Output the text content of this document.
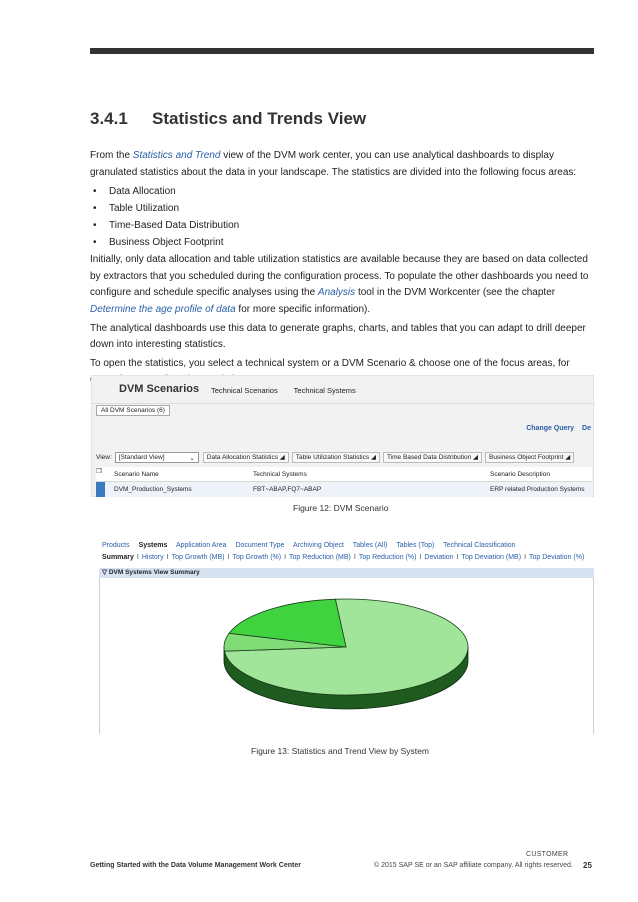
3.4.1 Statistics and Trends View

From the Statistics and Trend view of the DVM work center, you can use analytical dashboards to display granulated statistics about the data in your landscape. The statistics are divided into the following focus areas:

• Data Allocation
• Table Utilization
• Time-Based Data Distribution
• Business Object Footprint

Initially, only data allocation and table utilization statistics are available because they are based on data collected by extractors that you scheduled during the configuration process. To populate the other dashboards you need to configure and schedule specific analyses using the Analysis tool in the DVM Workcenter (see the chapter Determine the age profile of data for more specific information).

The analytical dashboards use this data to generate graphs, charts, and tables that you can adapt to drill deeper down into interesting statistics.

To open the statistics, you select a technical system or a DVM Scenario & choose one of the focus areas, for

DVM Scenarios Technical Scenarios Technical Systems
All DVM Scenarios (6)
Change Query De
View: [Standard View]	⌄	Data Allocation Statistics ◢	Table Utilization Statistics ◢	Time Based Data Distribution ◢	Business Object Footprint ◢
❐	Scenario Name	Technical Systems	Scenario Description
DVM_Production_Systems	FBT~ABAP,FQ7~ABAP	ERP related Production Systems
Figure 12: DVM Scenario
Products Systems Application Area Document Type Archiving Object Tables (All) Tables (Top) Technical Classification
Summary I History I Top Growth (MB) I Top Growth (%) I Top Reduction (MB) I Top Reduction (%) I Deviation I Top Deviation (MB) I Top Deviation (%)
▽ DVM Systems View Summary
Figure 13: Statistics and Trend View by System
CUSTOMER
Getting Started with the Data Volume Management Work Center	© 2015 SAP SE or an SAP affiliate company. All rights reserved. 25
